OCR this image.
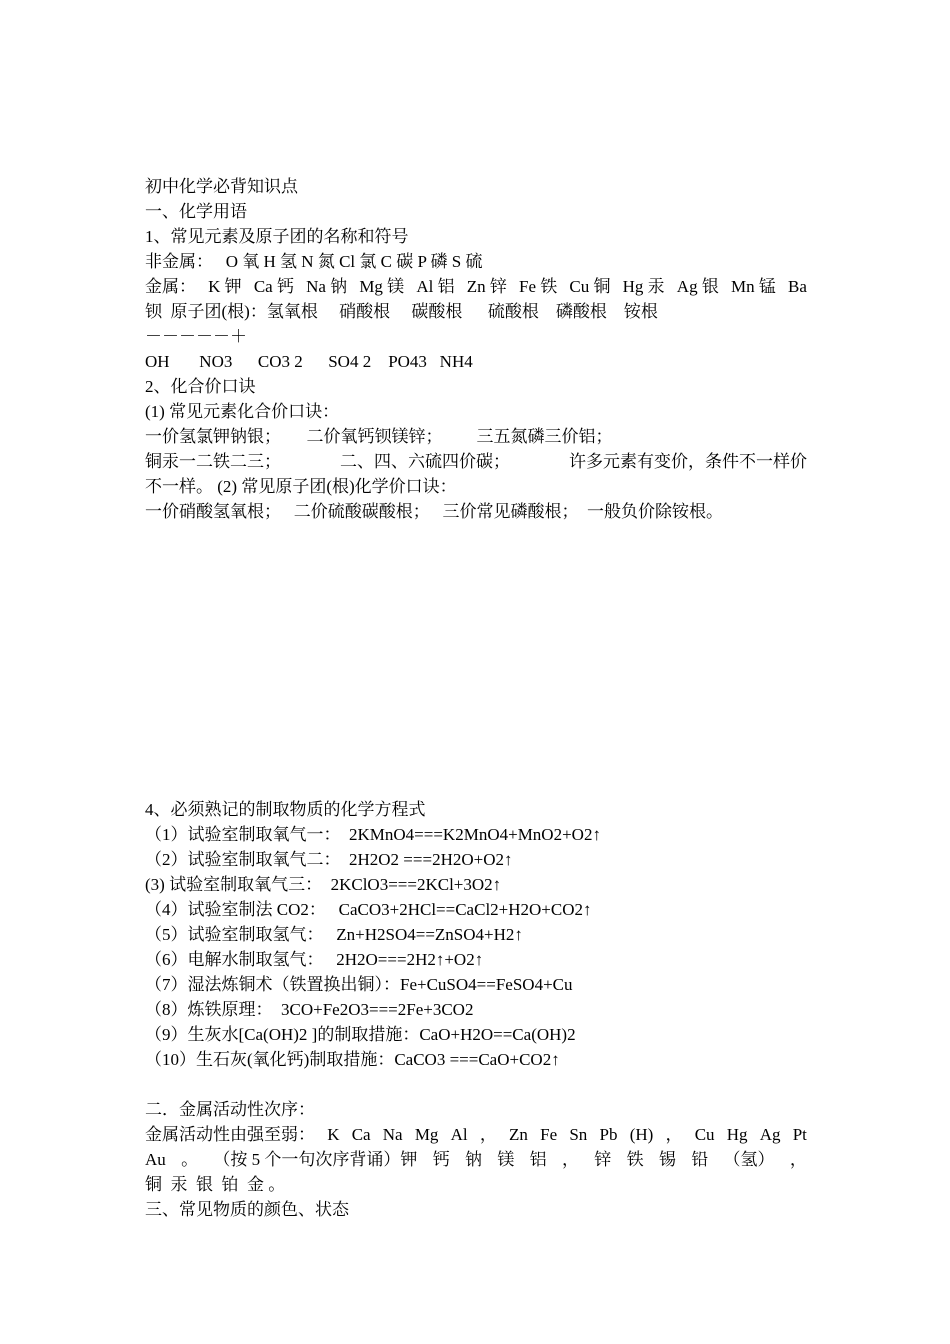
初中化学必背知识点
一、化学用语
1、常见元素及原子团的名称和符号
非金属：   O 氧 H 氢 N 氮 Cl 氯 C 碳 P 磷 S 硫
金属： K 钾 Ca 钙 Na 钠 Mg 镁 Al 铝 Zn 锌 Fe 铁 Cu 铜 Hg 汞 Ag 银 Mn 锰 Ba
钡  原子团(根)：氢氧根     硝酸根     碳酸根      硫酸根    磷酸根    铵根
－－－－－＋
OH       NO3      CO3 2      SO4 2    PO43   NH4
2、化合价口诀
(1) 常见元素化合价口诀：
一价氢氯钾钠银；      二价氧钙钡镁锌；        三五氮磷三价铝；
铜汞一二铁二三；	二、四、六硫四价碳；	许多元素有变价，条件不一样价
不一样。 (2) 常见原子团(根)化学价口诀：
一价硝酸氢氧根；   二价硫酸碳酸根；   三价常见磷酸根；  一般负价除铵根。
4、必须熟记的制取物质的化学方程式
（1）试验室制取氧气一：  2KMnO4===K2MnO4+MnO2+O2↑
（2）试验室制取氧气二：  2H2O2 ===2H2O+O2↑
(3) 试验室制取氧气三：  2KClO3===2KCl+3O2↑
（4）试验室制法 CO2：   CaCO3+2HCl==CaCl2+H2O+CO2↑
（5）试验室制取氢气：   Zn+H2SO4==ZnSO4+H2↑
（6）电解水制取氢气：   2H2O===2H2↑+O2↑
（7）湿法炼铜术（铁置换出铜）：Fe+CuSO4==FeSO4+Cu
（8）炼铁原理：  3CO+Fe2O3===2Fe+3CO2
（9）生灰水[Ca(OH)2 ]的制取措施：CaO+H2O==Ca(OH)2
（10）生石灰(氧化钙)制取措施：CaCO3 ===CaO+CO2↑
二．金属活动性次序：
金属活动性由强至弱： K Ca Na Mg Al ， Zn Fe Sn Pb (H) ， Cu Hg Ag Pt
Au 。 （按 5 个一句次序背诵）钾 钙 钠 镁 铝 ， 锌 铁 锡 铅 （氢） ，
铜  汞  银  铂  金 。
三、常见物质的颜色、状态
